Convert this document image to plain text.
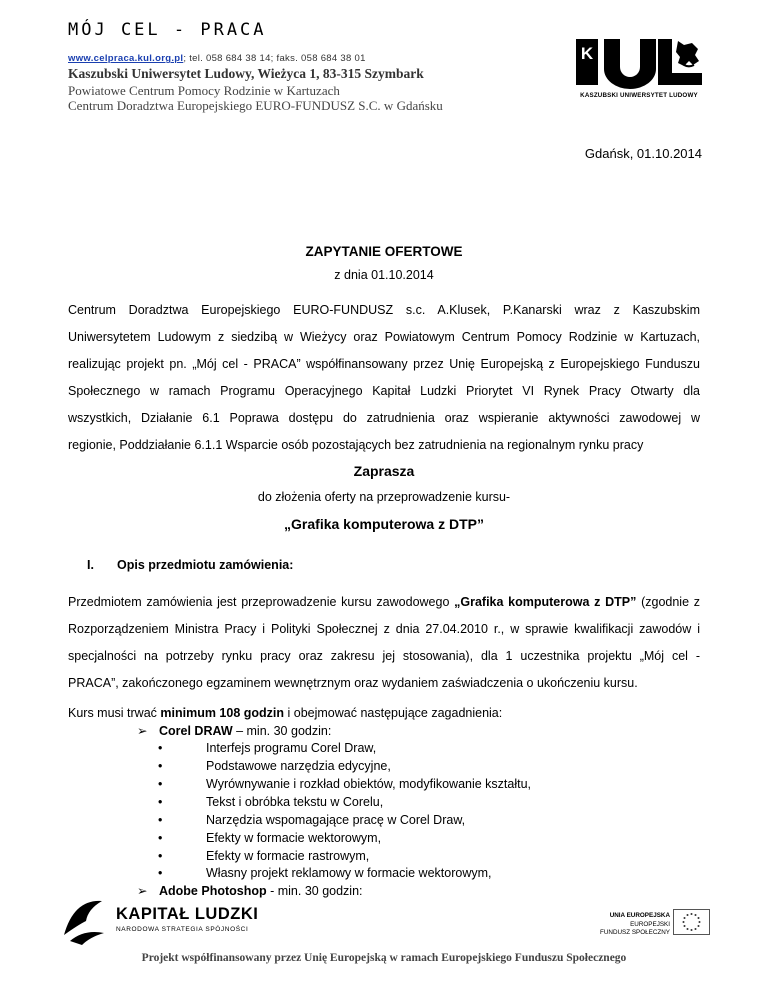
MÓJ CEL - PRACA
www.celpraca.kul.org.pl; tel. 058 684 38 14; faks. 058 684 38 01
Kaszubski Uniwersytet Ludowy, Wieżyca 1, 83-315 Szymbark
Powiatowe Centrum Pomocy Rodzinie w Kartuzach
Centrum Doradztwa Europejskiego EURO-FUNDUSZ S.C. w Gdańsku
K
KASZUBSKI UNIWERSYTET LUDOWY
Gdańsk, 01.10.2014
ZAPYTANIE OFERTOWE
z dnia 01.10.2014
Centrum Doradztwa Europejskiego EURO-FUNDUSZ s.c. A.Klusek, P.Kanarski wraz z Kaszubskim
Uniwersytetem Ludowym z siedzibą w Wieżycy oraz Powiatowym Centrum Pomocy Rodzinie w Kartuzach,
realizując projekt pn. „Mój cel - PRACA” współfinansowany przez Unię Europejską z Europejskiego Funduszu
Społecznego w ramach Programu Operacyjnego Kapitał Ludzki Priorytet VI Rynek Pracy Otwarty dla
wszystkich, Działanie 6.1 Poprawa dostępu do zatrudnienia oraz wspieranie aktywności zawodowej w
regionie, Poddziałanie 6.1.1 Wsparcie osób pozostających bez zatrudnienia na regionalnym rynku pracy
Zaprasza
do złożenia oferty na przeprowadzenie kursu-
„Grafika komputerowa z DTP”
I. Opis przedmiotu zamówienia:
Przedmiotem zamówienia jest przeprowadzenie kursu zawodowego „Grafika komputerowa z DTP” (zgodnie z
Rozporządzeniem Ministra Pracy i Polityki Społecznej z dnia 27.04.2010 r., w sprawie kwalifikacji zawodów i
specjalności na potrzeby rynku pracy oraz zakresu jej stosowania), dla 1 uczestnika projektu „Mój cel -
PRACA”, zakończonego egzaminem wewnętrznym oraz wydaniem zaświadczenia o ukończeniu kursu.
Kurs musi trwać minimum 108 godzin i obejmować następujące zagadnienia:
➢ Corel DRAW – min. 30 godzin:
•	Interfejs programu Corel Draw,
•	Podstawowe narzędzia edycyjne,
•	Wyrównywanie i rozkład obiektów, modyfikowanie kształtu,
•	Tekst i obróbka tekstu w Corelu,
•	Narzędzia wspomagające pracę w Corel Draw,
•	Efekty w formacie wektorowym,
•	Efekty w formacie rastrowym,
•	Własny projekt reklamowy w formacie wektorowym,
➢ Adobe Photoshop - min. 30 godzin:
KAPITAŁ LUDZKI
NARODOWA STRATEGIA SPÓJNOŚCI
UNIA EUROPEJSKA
EUROPEJSKI
FUNDUSZ SPOŁECZNY
Projekt współfinansowany przez Unię Europejską w ramach Europejskiego Funduszu Społecznego
